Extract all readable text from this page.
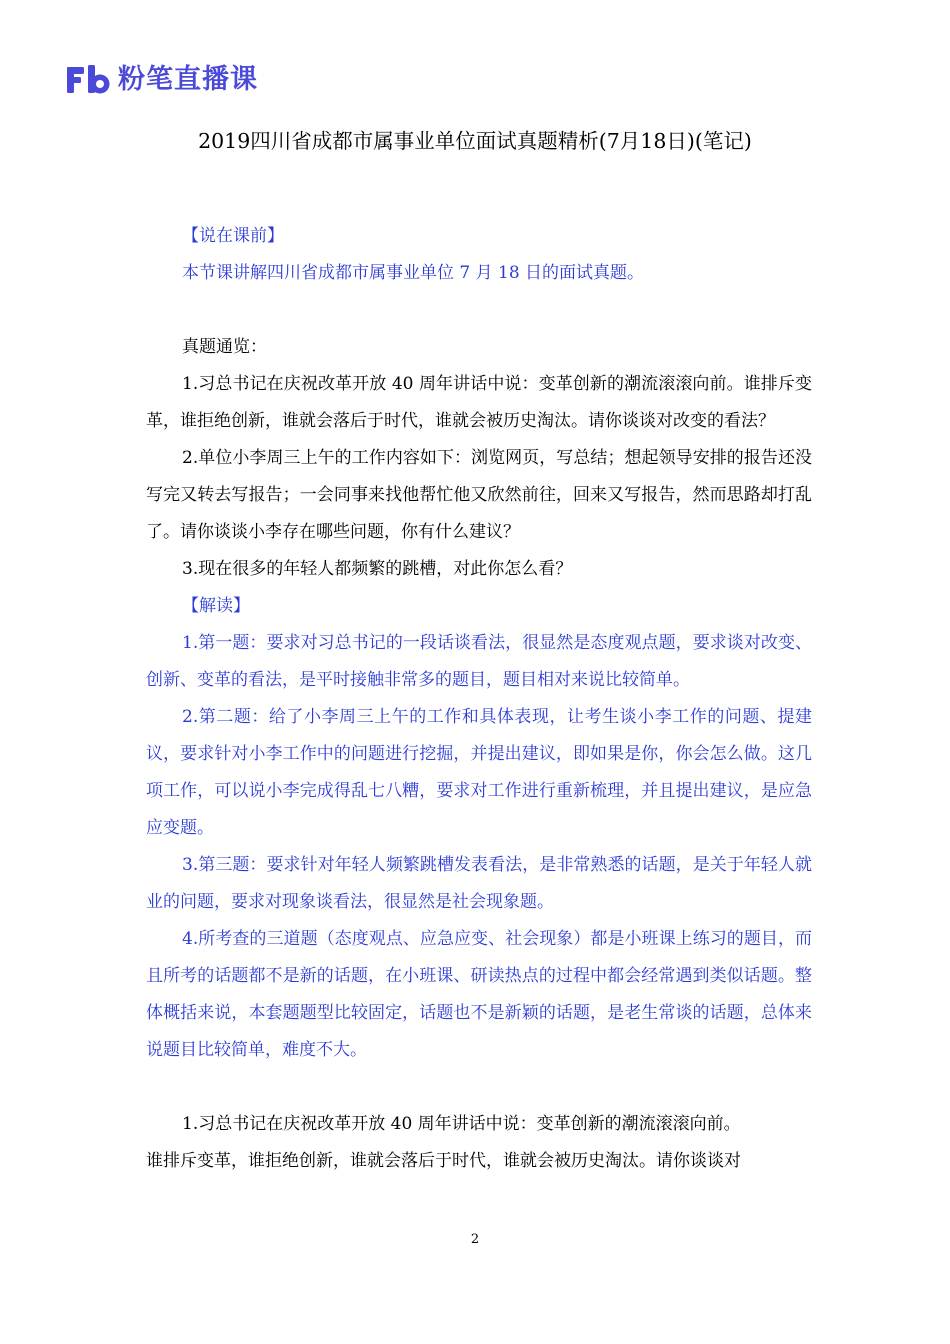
粉笔直播课
2019四川省成都市属事业单位面试真题精析(7月18日)(笔记)

【说在课前】

本节课讲解四川省成都市属事业单位 7 月 18 日的面试真题。

真题通览：

1.习总书记在庆祝改革开放 40 周年讲话中说：变革创新的潮流滚滚向前。谁排斥变革，谁拒绝创新，谁就会落后于时代，谁就会被历史淘汰。请你谈谈对改变的看法？

2.单位小李周三上午的工作内容如下：浏览网页，写总结；想起领导安排的报告还没写完又转去写报告；一会同事来找他帮忙他又欣然前往，回来又写报告，然而思路却打乱了。请你谈谈小李存在哪些问题，你有什么建议？

3.现在很多的年轻人都频繁的跳槽，对此你怎么看？

【解读】

1.第一题：要求对习总书记的一段话谈看法，很显然是态度观点题，要求谈对改变、创新、变革的看法，是平时接触非常多的题目，题目相对来说比较简单。

2.第二题：给了小李周三上午的工作和具体表现，让考生谈小李工作的问题、提建议，要求针对小李工作中的问题进行挖掘，并提出建议，即如果是你，你会怎么做。这几项工作，可以说小李完成得乱七八糟，要求对工作进行重新梳理，并且提出建议，是应急应变题。

3.第三题：要求针对年轻人频繁跳槽发表看法，是非常熟悉的话题，是关于年轻人就业的问题，要求对现象谈看法，很显然是社会现象题。

4.所考查的三道题（态度观点、应急应变、社会现象）都是小班课上练习的题目，而且所考的话题都不是新的话题，在小班课、研读热点的过程中都会经常遇到类似话题。整体概括来说，本套题题型比较固定，话题也不是新颖的话题，是老生常谈的话题，总体来说题目比较简单，难度不大。

1.习总书记在庆祝改革开放 40 周年讲话中说：变革创新的潮流滚滚向前。

谁排斥变革，谁拒绝创新，谁就会落后于时代，谁就会被历史淘汰。请你谈谈对

2
